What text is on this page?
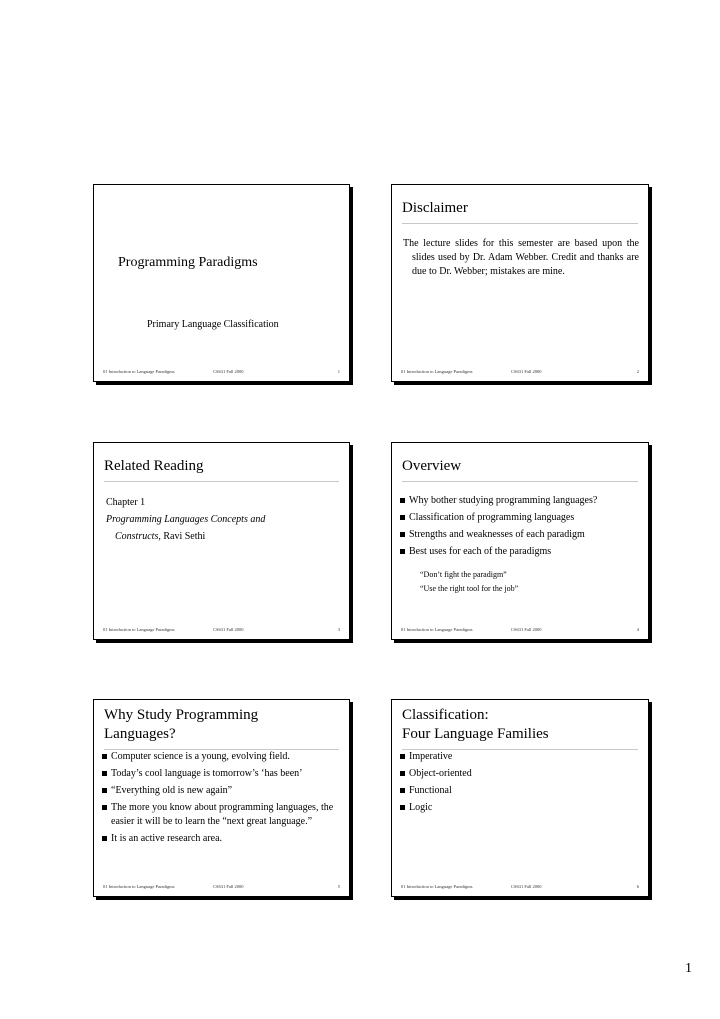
Programming Paradigms
Primary Language Classification
01 Introduction to Language Paradigms	CS631 Fall 2000	1
Disclaimer
The lecture slides for this semester are based upon the slides used by Dr. Adam Webber. Credit and thanks are due to Dr. Webber; mistakes are mine.
01 Introduction to Language Paradigms	CS631 Fall 2000	2
Related Reading
Chapter 1
Programming Languages Concepts and
Constructs, Ravi Sethi
01 Introduction to Language Paradigms	CS631 Fall 2000	3
Overview
Why bother studying programming languages?
Classification of programming languages
Strengths and weaknesses of each paradigm
Best uses for each of the paradigms
“Don’t fight the paradigm”
“Use the right tool for the job”
01 Introduction to Language Paradigms	CS631 Fall 2000	4
Why Study Programming
Languages?
Computer science is a young, evolving field.
Today’s cool language is tomorrow’s ‘has been’
“Everything old is new again”
The more you know about programming languages, the easier it will be to learn the “next great language.”
It is an active research area.
01 Introduction to Language Paradigms	CS631 Fall 2000	5
Classification:
Four Language Families
Imperative
Object-oriented
Functional
Logic
01 Introduction to Language Paradigms	CS631 Fall 2000	6
1
